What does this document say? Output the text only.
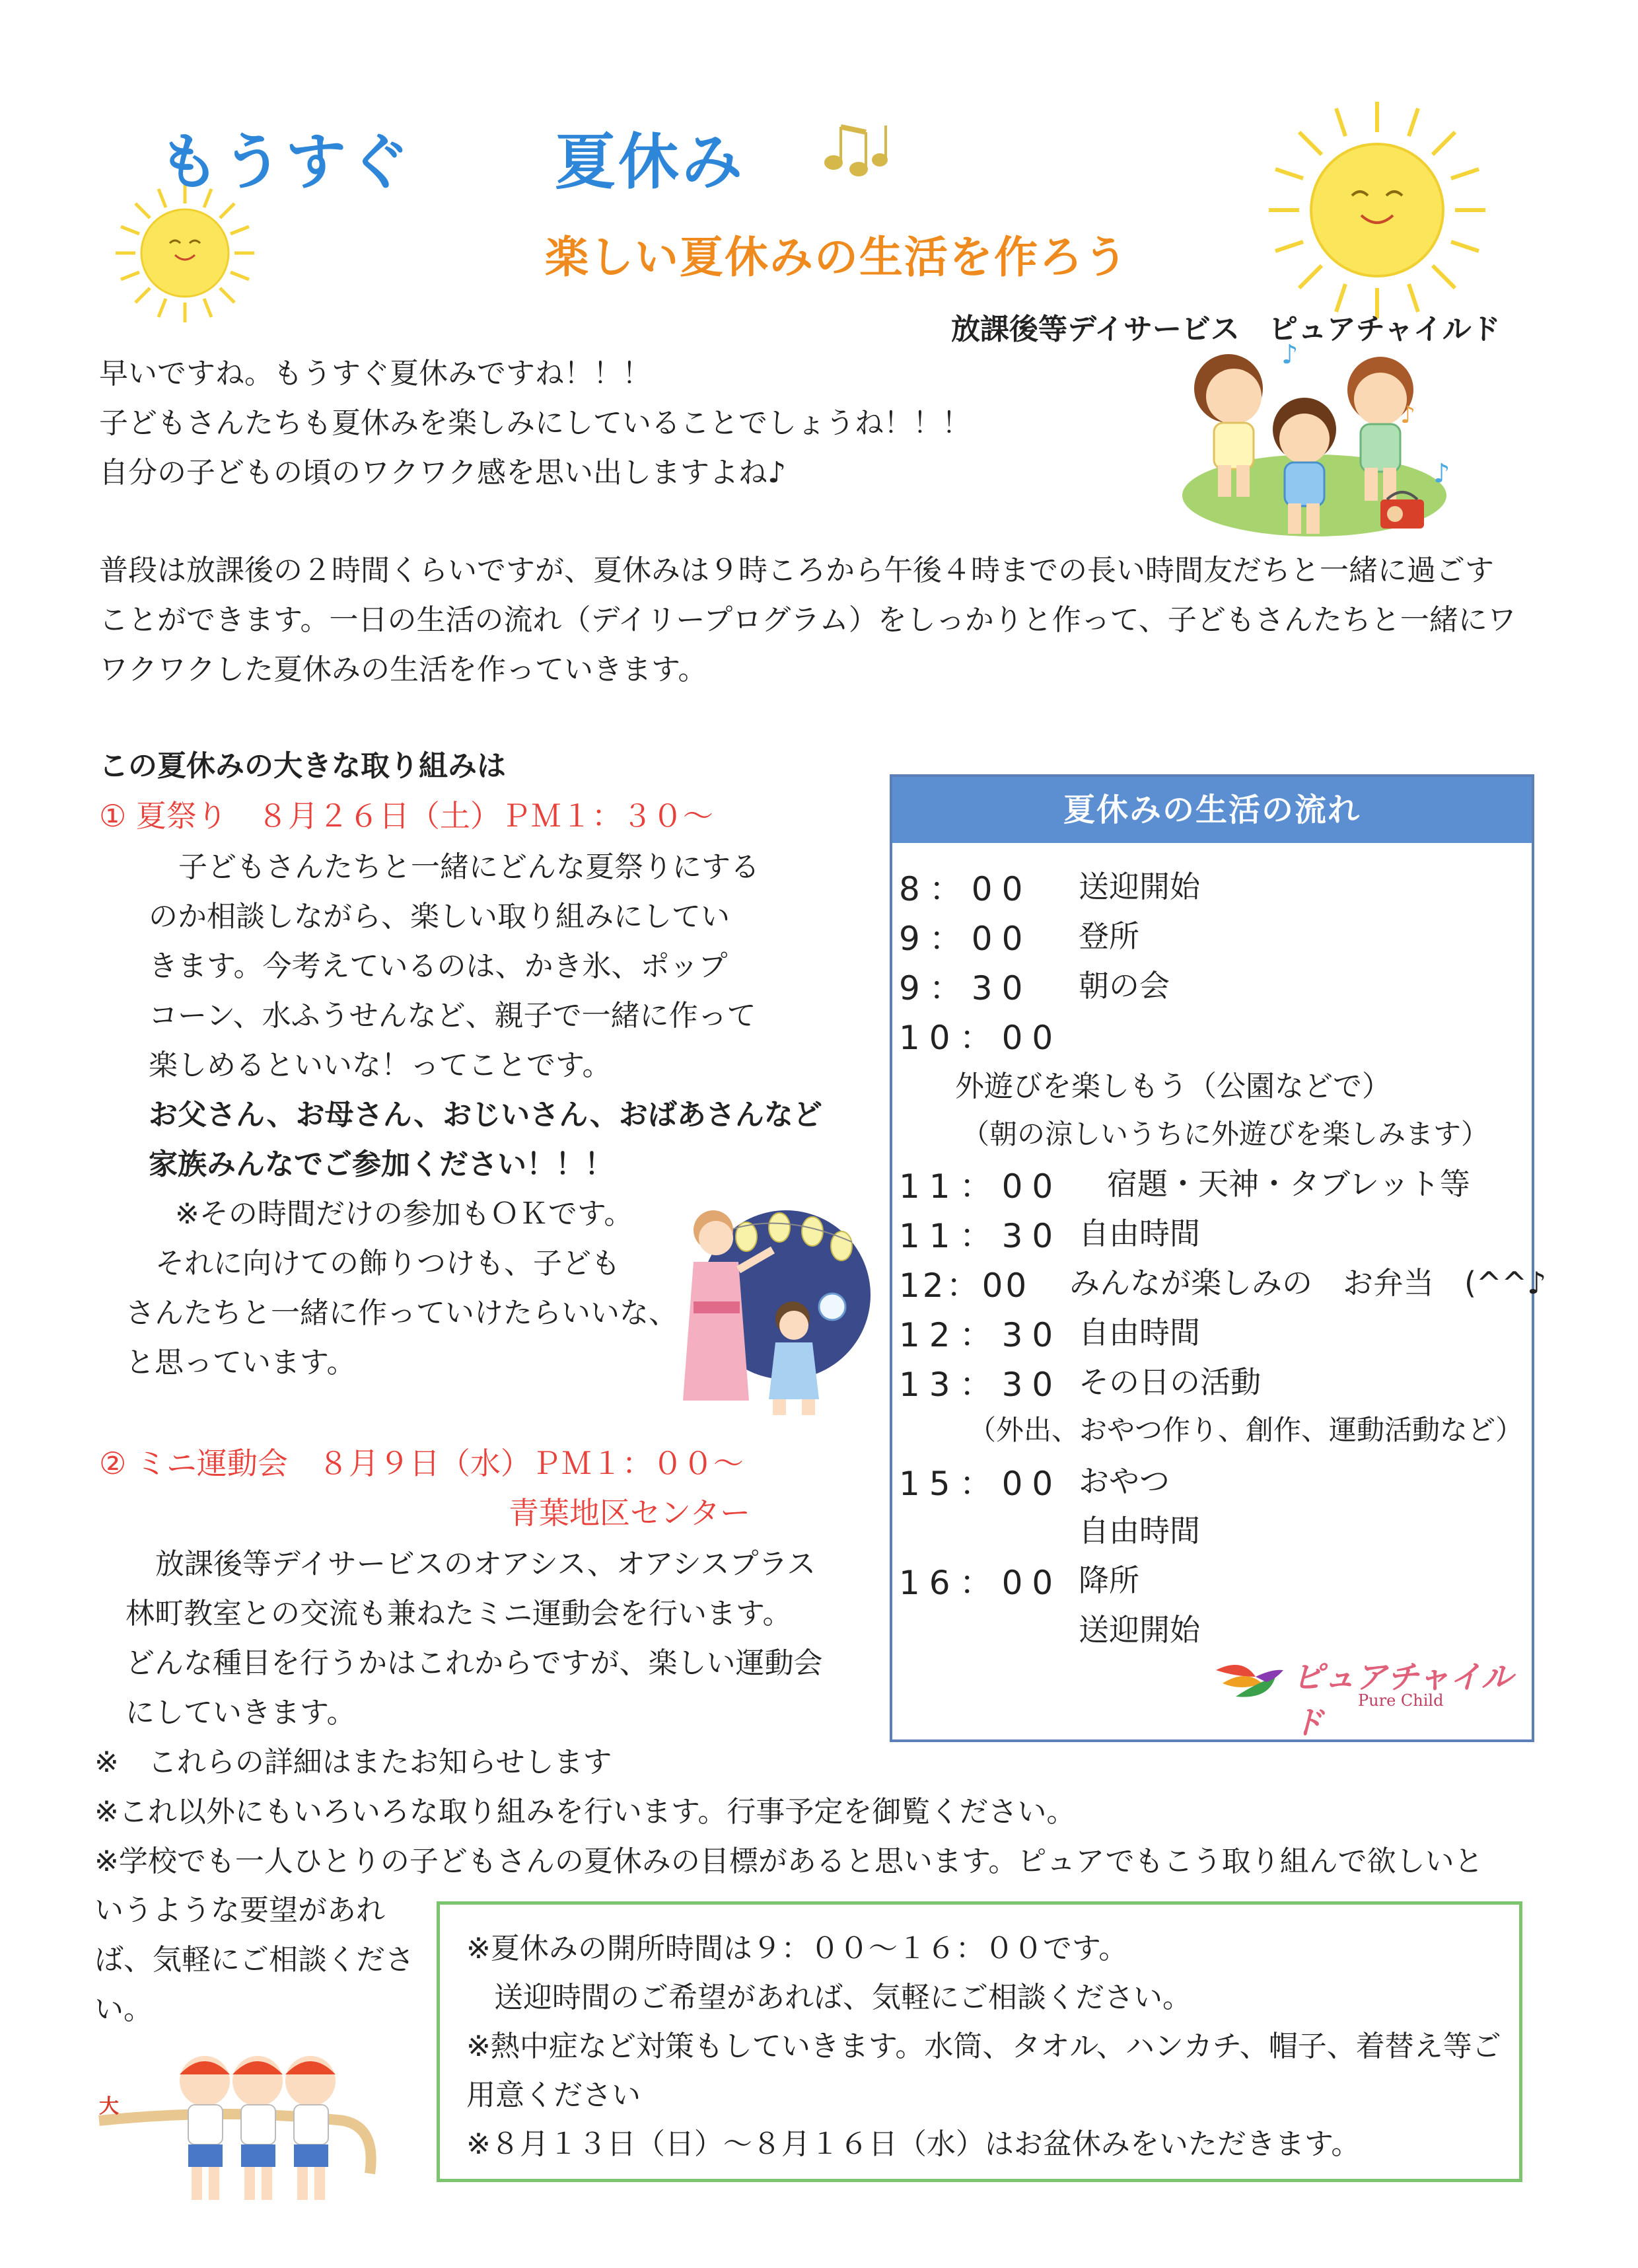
もうすぐ 夏休み
楽しい夏休みの生活を作ろう
放課後等デイサービス　ピュアチャイルド
♪
♪
♪
早いですね。もうすぐ夏休みですね！！！
子どもさんたちも夏休みを楽しみにしていることでしょうね！！！
自分の子どもの頃のワクワク感を思い出しますよね♪
普段は放課後の２時間くらいですが、夏休みは９時ころから午後４時までの長い時間友だちと一緒に過ごす
ことができます。一日の生活の流れ（デイリープログラム）をしっかりと作って、子どもさんたちと一緒にワ
ワクワクした夏休みの生活を作っていきます。
この夏休みの大きな取り組みは
① 夏祭り　８月２６日（土）ＰＭ１：３０～
子どもさんたちと一緒にどんな夏祭りにする
のか相談しながら、楽しい取り組みにしてい
きます。今考えているのは、かき氷、ポップ
コーン、水ふうせんなど、親子で一緒に作って
楽しめるといいな！ってことです。
お父さん、お母さん、おじいさん、おばあさんなど
家族みんなでご参加ください！！！
※その時間だけの参加もＯＫです。
それに向けての飾りつけも、子ども
さんたちと一緒に作っていけたらいいな、
と思っています。
② ミニ運動会　８月９日（水）ＰＭ１：００～
青葉地区センター
放課後等デイサービスのオアシス、オアシスプラス
林町教室との交流も兼ねたミニ運動会を行います。
どんな種目を行うかはこれからですが、楽しい運動会
にしていきます。
※　これらの詳細はまたお知らせします
※これ以外にもいろいろな取り組みを行います。行事予定を御覧ください。
※学校でも一人ひとりの子どもさんの夏休みの目標があると思います。ピュアでもこう取り組んで欲しいと
いうような要望があれ
ば、気軽にご相談くださ
い。
大
夏休みの生活の流れ
8：00 送迎開始
9：00 登所
9：30 朝の会
10：00
外遊びを楽しもう（公園などで）
（朝の涼しいうちに外遊びを楽しみます）
11：00 宿題・天神・タブレット等
11：30 自由時間
12：00 みんなが楽しみの　お弁当　(^^♪
12：30 自由時間
13：30 その日の活動
（外出、おやつ作り、創作、運動活動など）
15：00 おやつ
自由時間
16：00 降所
送迎開始
ピュアチャイルド
Pure Child
※夏休みの開所時間は９：００～１６：００です。
送迎時間のご希望があれば、気軽にご相談ください。
※熱中症など対策もしていきます。水筒、タオル、ハンカチ、帽子、着替え等ご
用意ください
※８月１３日（日）～８月１６日（水）はお盆休みをいただきます。
